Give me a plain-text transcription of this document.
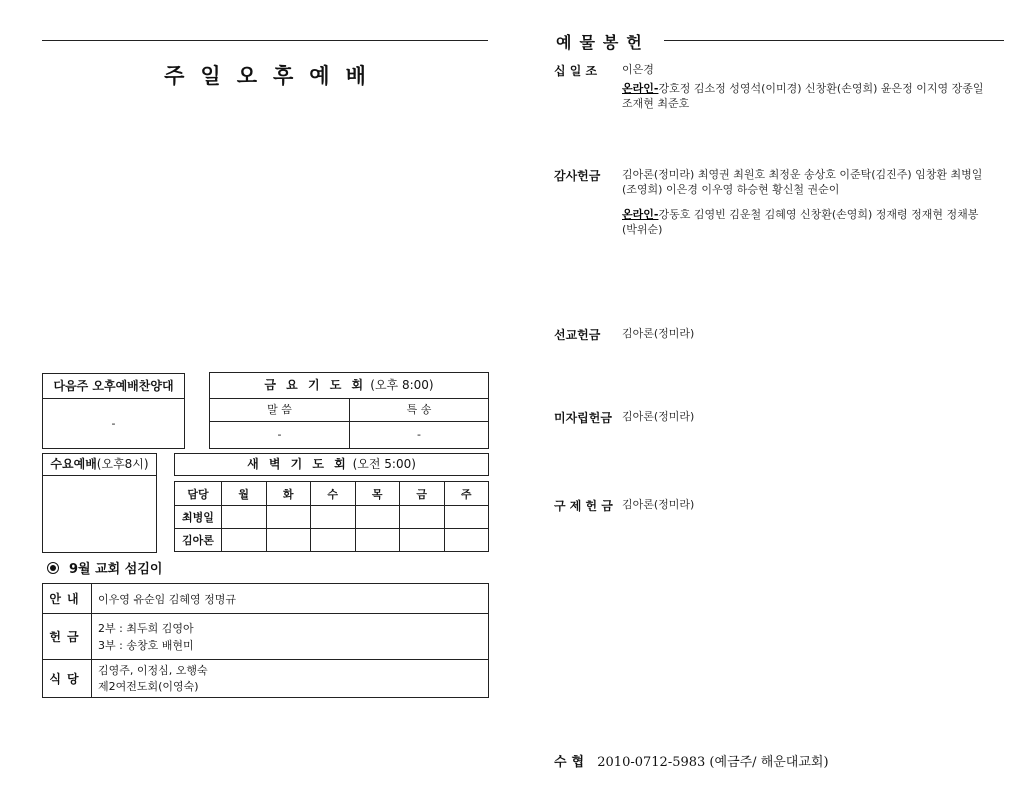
주일오후예배
다음주 오후예배찬양대
-
금 요 기 도 회 (오후 8:00)
말 씀	특 송
-	-
수요예배(오후8시)	새 벽 기 도 회 (오전 5:00)
담당	월	화	수	목	금	주
최병일						
김아론						
9월 교회 섬김이
안내	이우영 유순임 김혜영 정명규

헌금	2부 : 최두희 김영아
3부 : 송창호 배현미

식당	김영주, 이정심, 오행숙
제2여전도회(이영숙)
예물봉헌
십 일 조 이은경
온라인-강호정 김소정 성영석(이미경) 신창환(손영희) 윤은정 이지영 장종일 조재현 최준호
감사헌금 김아론(정미라) 최영권 최원호 최정운 송상호 이준탁(김진주) 임창환 최병일 (조영희) 이은경 이우영 하승현 황신철 권순이
온라인-강동호 김영빈 김운철 김혜영 신창환(손영희) 정재령 정재현 정채봉 (박위순)
선교헌금 김아론(정미라)
미자립헌금 김아론(정미라)
구 제 헌 금 김아론(정미라)
수협 2010-0712-5983 (예금주/ 해운대교회)
